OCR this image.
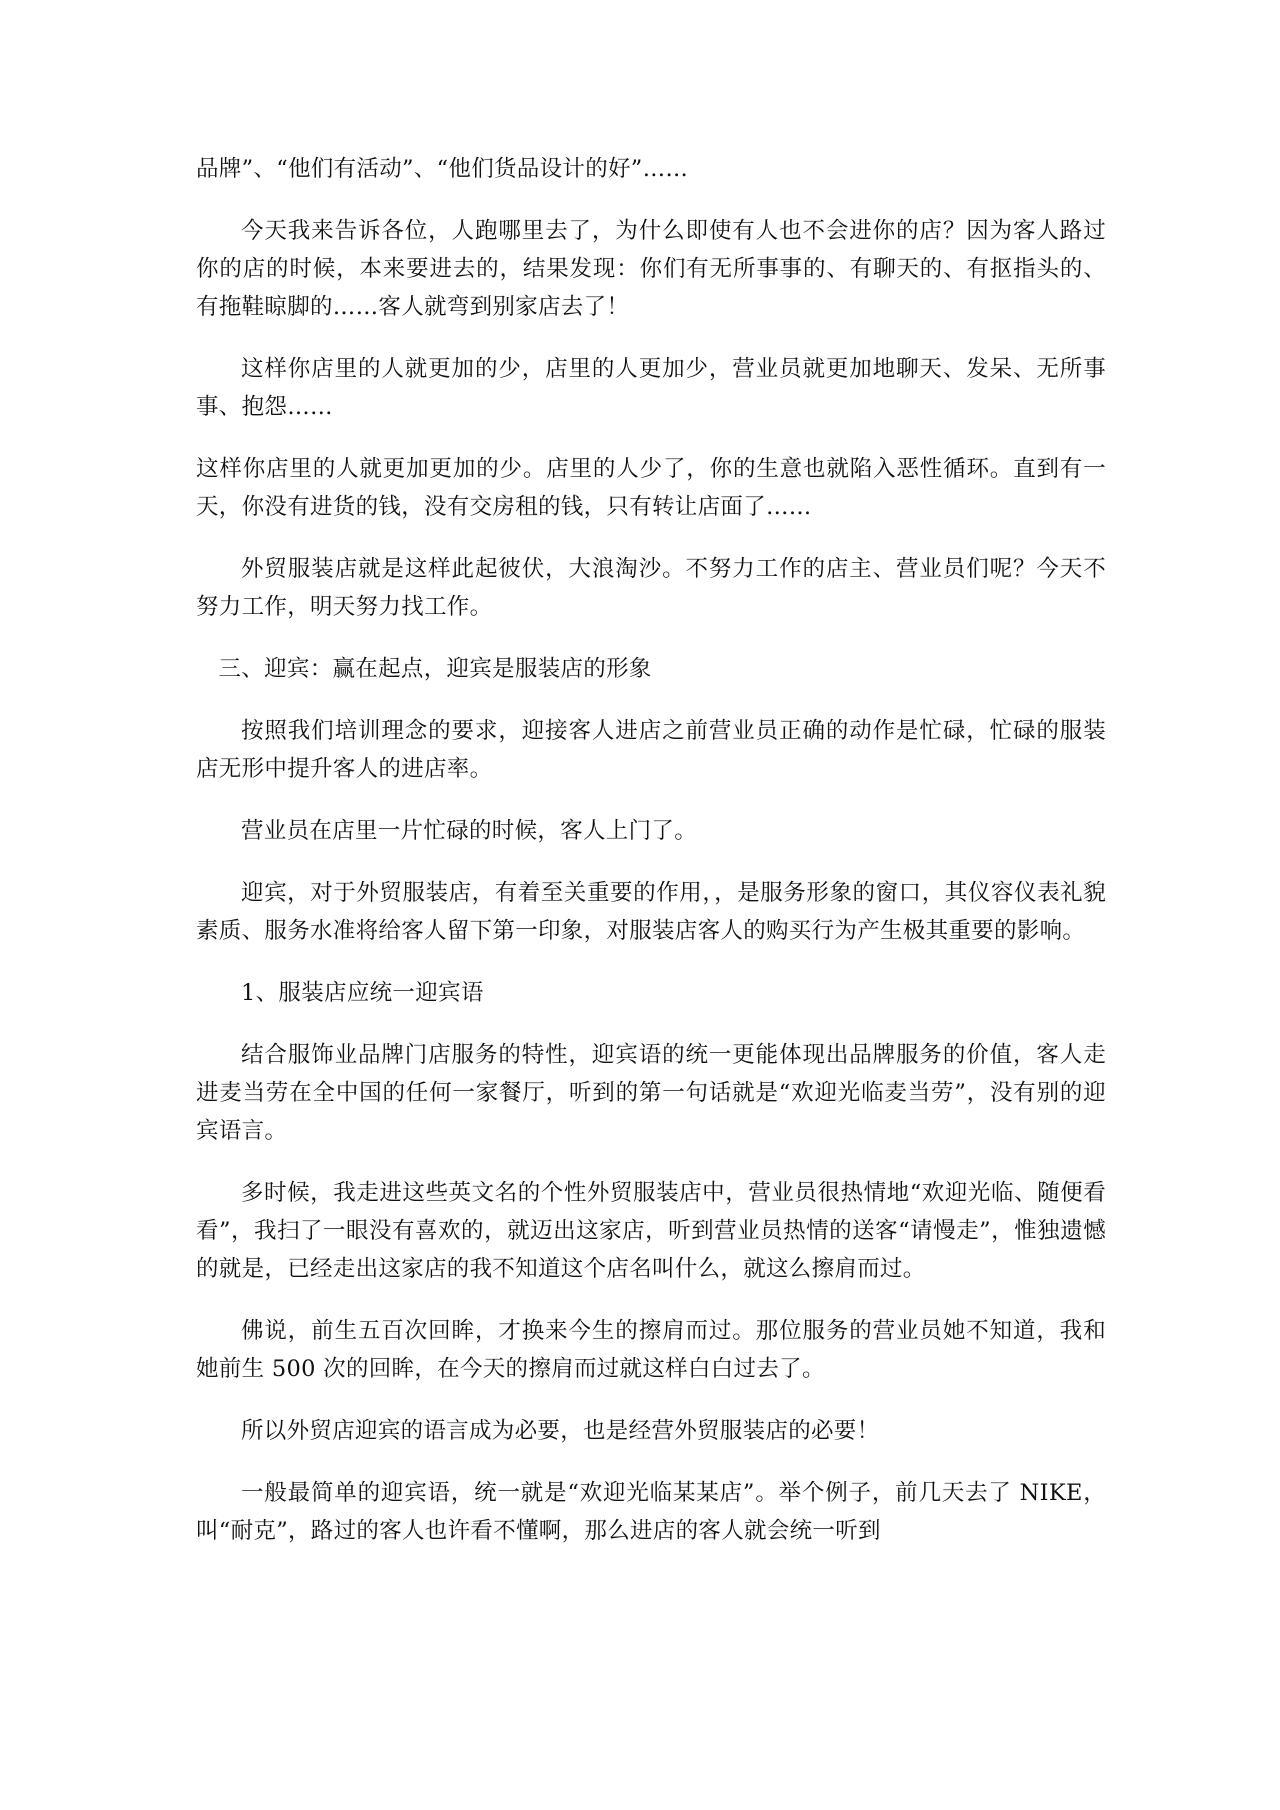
品牌”、“他们有活动”、“他们货品设计的好”……

今天我来告诉各位，人跑哪里去了，为什么即使有人也不会进你的店？因为客人路过你的店的时候，本来要进去的，结果发现：你们有无所事事的、有聊天的、有抠指头的、有拖鞋晾脚的……客人就弯到别家店去了！

这样你店里的人就更加的少，店里的人更加少，营业员就更加地聊天、发呆、无所事事、抱怨……

这样你店里的人就更加更加的少。店里的人少了，你的生意也就陷入恶性循环。直到有一天，你没有进货的钱，没有交房租的钱，只有转让店面了……

外贸服装店就是这样此起彼伏，大浪淘沙。不努力工作的店主、营业员们呢？今天不努力工作，明天努力找工作。

三、迎宾：赢在起点，迎宾是服装店的形象

按照我们培训理念的要求，迎接客人进店之前营业员正确的动作是忙碌，忙碌的服装店无形中提升客人的进店率。

营业员在店里一片忙碌的时候，客人上门了。

迎宾，对于外贸服装店，有着至关重要的作用，，是服务形象的窗口，其仪容仪表礼貌素质、服务水准将给客人留下第一印象，对服装店客人的购买行为产生极其重要的影响。

1、服装店应统一迎宾语

结合服饰业品牌门店服务的特性，迎宾语的统一更能体现出品牌服务的价值，客人走进麦当劳在全中国的任何一家餐厅，听到的第一句话就是“欢迎光临麦当劳”，没有别的迎宾语言。

多时候，我走进这些英文名的个性外贸服装店中，营业员很热情地“欢迎光临、随便看看”，我扫了一眼没有喜欢的，就迈出这家店，听到营业员热情的送客“请慢走”，惟独遗憾的就是，已经走出这家店的我不知道这个店名叫什么，就这么擦肩而过。

佛说，前生五百次回眸，才换来今生的擦肩而过。那位服务的营业员她不知道，我和她前生 500 次的回眸，在今天的擦肩而过就这样白白过去了。

所以外贸店迎宾的语言成为必要，也是经营外贸服装店的必要！

一般最简单的迎宾语，统一就是“欢迎光临某某店”。举个例子，前几天去了 NIKE，叫“耐克”，路过的客人也许看不懂啊，那么进店的客人就会统一听到
